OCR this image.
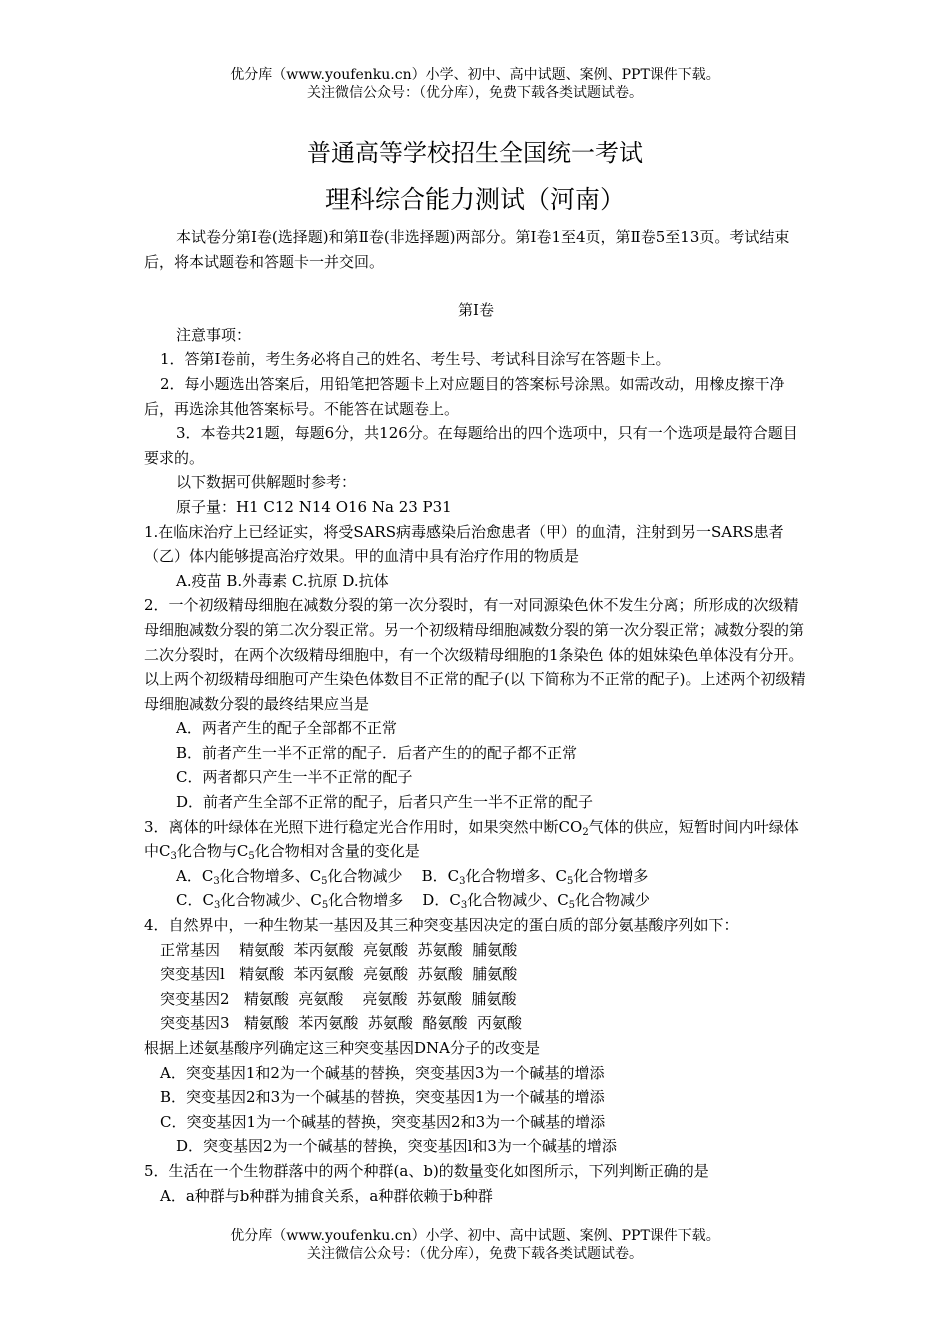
优分库（www.youfenku.cn）小学、初中、高中试题、案例、PPT课件下载。
关注微信公众号：（优分库），免费下载各类试题试卷。
普通高等学校招生全国统一考试
理科综合能力测试（河南）

本试卷分第Ⅰ卷(选择题)和第Ⅱ卷(非选择题)两部分。第Ⅰ卷1至4页，第Ⅱ卷5至13页。考试结束后，将本试题卷和答题卡一并交回。

第Ⅰ卷

注意事项：

1．答第Ⅰ卷前，考生务必将自己的姓名、考生号、考试科目涂写在答题卡上。

2．每小题选出答案后，用铅笔把答题卡上对应题目的答案标号涂黑。如需改动，用橡皮擦干净后，再选涂其他答案标号。不能答在试题卷上。

3．本卷共21题，每题6分，共126分。在每题给出的四个选项中，只有一个选项是最符合题目要求的。

以下数据可供解题时参考：

原子量：H1 C12 N14 O16 Na 23 P31

1.在临床治疗上已经证实，将受SARS病毒感染后治愈患者（甲）的血清，注射到另一SARS患者（乙）体内能够提高治疗效果。甲的血清中具有治疗作用的物质是

A.疫苗 B.外毒素 C.抗原 D.抗体

2．一个初级精母细胞在减数分裂的第一次分裂时，有一对同源染色休不发生分离；所形成的次级精母细胞减数分裂的第二次分裂正常。另一个初级精母细胞减数分裂的第一次分裂正常；减数分裂的第二次分裂时，在两个次级精母细胞中，有一个次级精母细胞的1条染色 体的姐妹染色单体没有分开。以上两个初级精母细胞可产生染色体数目不正常的配子(以 下简称为不正常的配子)。上述两个初级精母细胞减数分裂的最终结果应当是

A．两者产生的配子全部都不正常

B．前者产生一半不正常的配子．后者产生的的配子都不正常

C．两者都只产生一半不正常的配子

D．前者产生全部不正常的配子，后者只产生一半不正常的配子

3．离体的叶绿体在光照下进行稳定光合作用时，如果突然中断$CO_2$气体的供应，短暂时间内叶绿体中$C_3$化合物与$C_5$化合物相对含量的变化是

A．$C_3$化合物增多、$C_5$化合物减少 B．$C_3$化合物增多、$C_5$化合物增多

C．$C_3$化合物减少、$C_5$化合物增多 D．$C_3$化合物减少、$C_5$化合物减少

4．自然界中，一种生物某一基因及其三种突变基因决定的蛋白质的部分氨基酸序列如下：

正常基因    精氨酸  苯丙氨酸  亮氨酸  苏氨酸  脯氨酸

突变基因l   精氨酸  苯丙氨酸  亮氨酸  苏氨酸  脯氨酸

突变基因2   精氨酸  亮氨酸    亮氨酸  苏氨酸  脯氨酸

突变基因3   精氨酸  苯丙氨酸  苏氨酸  酪氨酸  丙氨酸

根据上述氨基酸序列确定这三种突变基因DNA分子的改变是

A．突变基因1和2为一个碱基的替换，突变基因3为一个碱基的增添

B．突变基因2和3为一个碱基的替换，突变基因1为一个碱基的增添

C．突变基因1为一个碱基的替换，突变基因2和3为一个碱基的增添

D．突变基因2为一个碱基的替换，突变基因l和3为一个碱基的增添

5．生活在一个生物群落中的两个种群(a、b)的数量变化如图所示，下列判断正确的是

A．a种群与b种群为捕食关系，a种群依赖于b种群

优分库（www.youfenku.cn）小学、初中、高中试题、案例、PPT课件下载。
关注微信公众号：（优分库），免费下载各类试题试卷。
